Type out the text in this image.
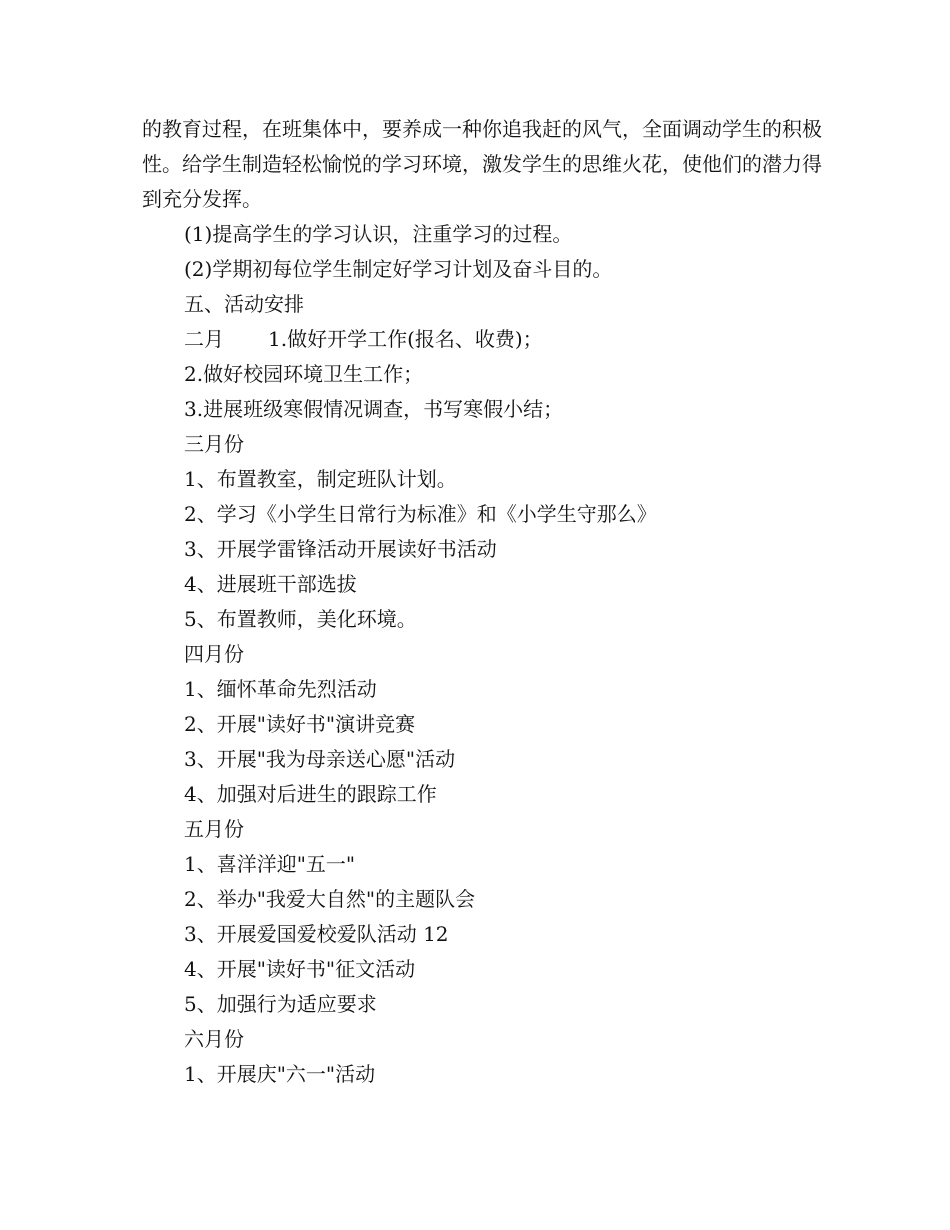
的教育过程，在班集体中，要养成一种你追我赶的风气，全面调动学生的积极性。给学生制造轻松愉悦的学习环境，激发学生的思维火花，使他们的潜力得到充分发挥。

(1)提高学生的学习认识，注重学习的过程。
(2)学期初每位学生制定好学习计划及奋斗目的。
五、活动安排
二月 1.做好开学工作(报名、收费)；
2.做好校园环境卫生工作；
3.进展班级寒假情况调查，书写寒假小结；
三月份
1、布置教室，制定班队计划。
2、学习《小学生日常行为标准》和《小学生守那么》
3、开展学雷锋活动开展读好书活动
4、进展班干部选拔
5、布置教师，美化环境。
四月份
1、缅怀革命先烈活动
2、开展"读好书"演讲竞赛
3、开展"我为母亲送心愿"活动
4、加强对后进生的跟踪工作
五月份
1、喜洋洋迎"五一"
2、举办"我爱大自然"的主题队会
3、开展爱国爱校爱队活动 12
4、开展"读好书"征文活动
5、加强行为适应要求
六月份
1、开展庆"六一"活动
